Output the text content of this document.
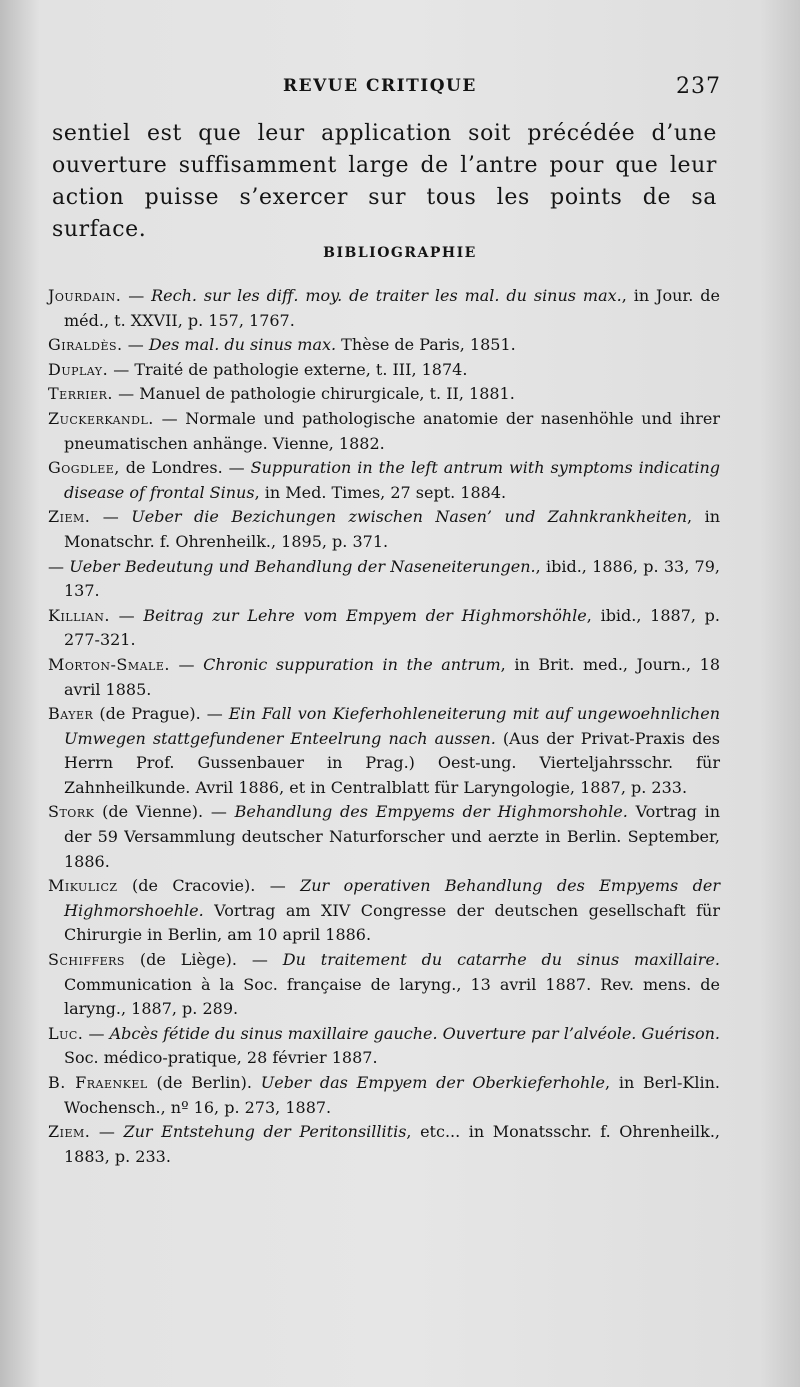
REVUE CRITIQUE	237

sentiel est que leur application soit précédée d’une ouverture suffisamment large de l’antre pour que leur action puisse s’exercer sur tous les points de sa surface.

BIBLIOGRAPHIE
Jourdain. — Rech. sur les diff. moy. de traiter les mal. du sinus max., in Jour. de méd., t. XXVII, p. 157, 1767.
Giraldès. — Des mal. du sinus max. Thèse de Paris, 1851.
Duplay. — Traité de pathologie externe, t. III, 1874.
Terrier. — Manuel de pathologie chirurgicale, t. II, 1881.
Zuckerkandl. — Normale und pathologische anatomie der nasenhöhle und ihrer pneumatischen anhänge. Vienne, 1882.
Gogdlee, de Londres. — Suppuration in the left antrum with symptoms indicating disease of frontal Sinus, in Med. Times, 27 sept. 1884.
Ziem. — Ueber die Bezichungen zwischen Nasen’ und Zahnkrankheiten, in Monatschr. f. Ohrenheilk., 1895, p. 371.
— Ueber Bedeutung und Behandlung der Naseneiterungen., ibid., 1886, p. 33, 79, 137.
Killian. — Beitrag zur Lehre vom Empyem der Highmorshöhle, ibid., 1887, p. 277-321.
Morton-Smale. — Chronic suppuration in the antrum, in Brit. med., Journ., 18 avril 1885.
Bayer (de Prague). — Ein Fall von Kieferhohleneiterung mit auf ungewoehnlichen Umwegen stattgefundener Enteelrung nach aussen. (Aus der Privat-Praxis des Herrn Prof. Gussenbauer in Prag.) Oest-ung. Vierteljahrsschr. für Zahnheilkunde. Avril 1886, et in Centralblatt für Laryngologie, 1887, p. 233.
Stork (de Vienne). — Behandlung des Empyems der Highmorshohle. Vortrag in der 59 Versammlung deutscher Naturforscher und aerzte in Berlin. September, 1886.
Mikulicz (de Cracovie). — Zur operativen Behandlung des Empyems der Highmorshoehle. Vortrag am XIV Congresse der deutschen gesellschaft für Chirurgie in Berlin, am 10 april 1886.
Schiffers (de Liège). — Du traitement du catarrhe du sinus maxillaire. Communication à la Soc. française de laryng., 13 avril 1887. Rev. mens. de laryng., 1887, p. 289.
Luc. — Abcès fétide du sinus maxillaire gauche. Ouverture par l’alvéole. Guérison. Soc. médico-pratique, 28 février 1887.
B. Fraenkel (de Berlin). Ueber das Empyem der Oberkieferhohle, in Berl-Klin. Wochensch., nº 16, p. 273, 1887.
Ziem. — Zur Entstehung der Peritonsillitis, etc... in Monatsschr. f. Ohrenheilk., 1883, p. 233.
